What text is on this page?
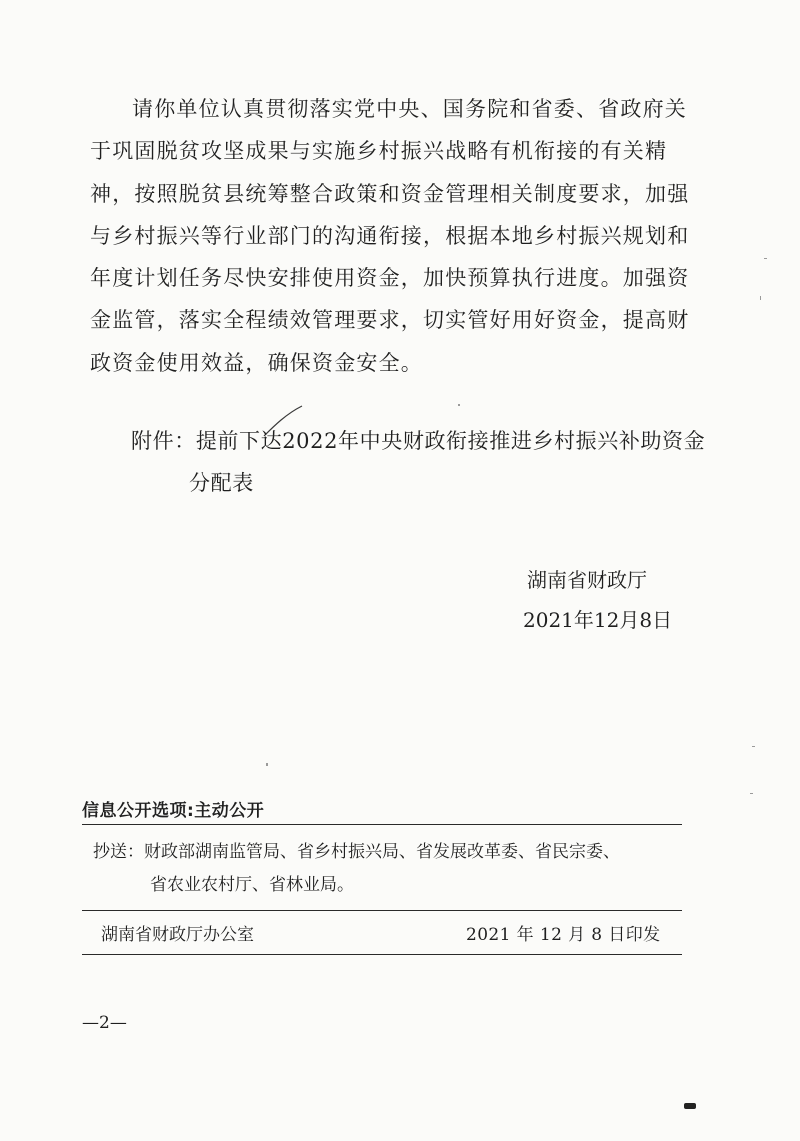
请你单位认真贯彻落实党中央、国务院和省委、省政府关于巩固脱贫攻坚成果与实施乡村振兴战略有机衔接的有关精神，按照脱贫县统筹整合政策和资金管理相关制度要求，加强与乡村振兴等行业部门的沟通衔接，根据本地乡村振兴规划和年度计划任务尽快安排使用资金，加快预算执行进度。加强资金监管，落实全程绩效管理要求，切实管好用好资金，提高财政资金使用效益，确保资金安全。

附件：提前下达2022年中央财政衔接推进乡村振兴补助资金
分配表
湖南省财政厅
2021年12月8日
信息公开选项:主动公开
抄送：财政部湖南监管局、省乡村振兴局、省发展改革委、省民宗委、
省农业农村厅、省林业局。
湖南省财政厅办公室	2021 年 12 月 8 日印发
—2—
